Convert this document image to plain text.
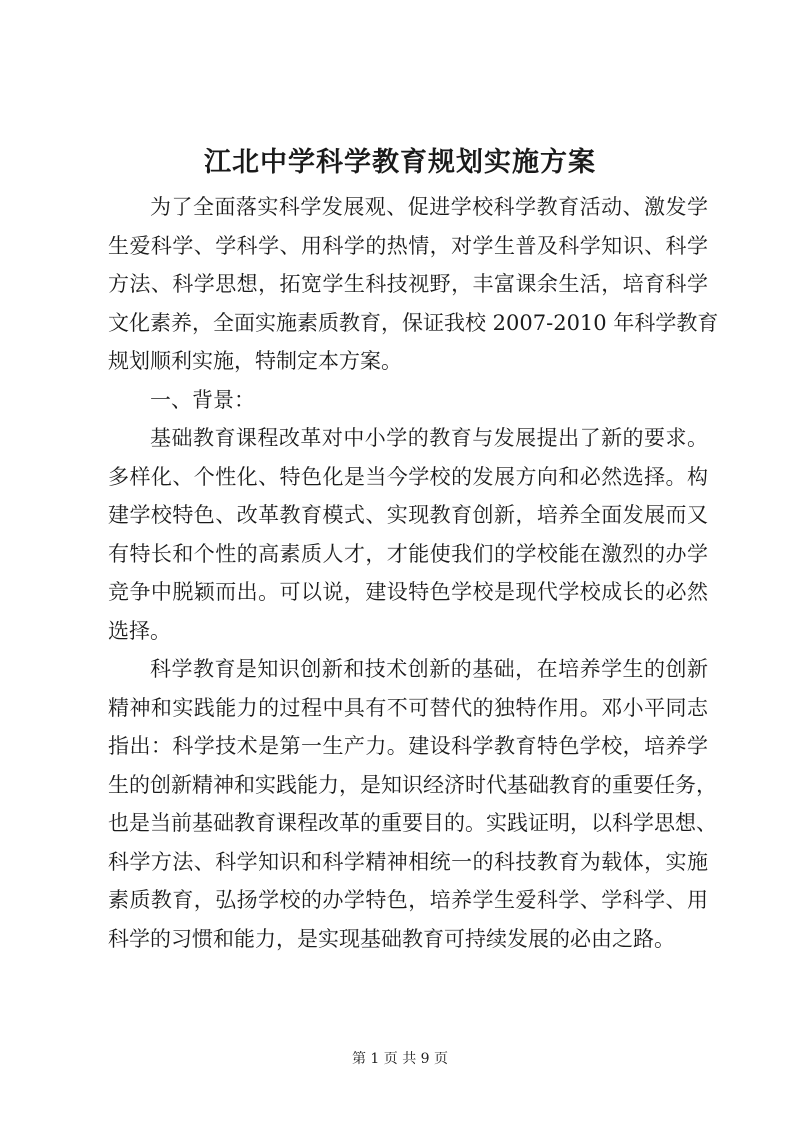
江北中学科学教育规划实施方案
为了全面落实科学发展观、促进学校科学教育活动、激发学
生爱科学、学科学、用科学的热情，对学生普及科学知识、科学
方法、科学思想，拓宽学生科技视野，丰富课余生活，培育科学
文化素养，全面实施素质教育，保证我校 2007-2010 年科学教育
规划顺利实施，特制定本方案。
一、背景：
基础教育课程改革对中小学的教育与发展提出了新的要求。
多样化、个性化、特色化是当今学校的发展方向和必然选择。构
建学校特色、改革教育模式、实现教育创新，培养全面发展而又
有特长和个性的高素质人才，才能使我们的学校能在激烈的办学
竞争中脱颖而出。可以说，建设特色学校是现代学校成长的必然
选择。
科学教育是知识创新和技术创新的基础，在培养学生的创新
精神和实践能力的过程中具有不可替代的独特作用。邓小平同志
指出：科学技术是第一生产力。建设科学教育特色学校，培养学
生的创新精神和实践能力，是知识经济时代基础教育的重要任务，
也是当前基础教育课程改革的重要目的。实践证明，以科学思想、
科学方法、科学知识和科学精神相统一的科技教育为载体，实施
素质教育，弘扬学校的办学特色，培养学生爱科学、学科学、用
科学的习惯和能力，是实现基础教育可持续发展的必由之路。
第 1 页 共 9 页
